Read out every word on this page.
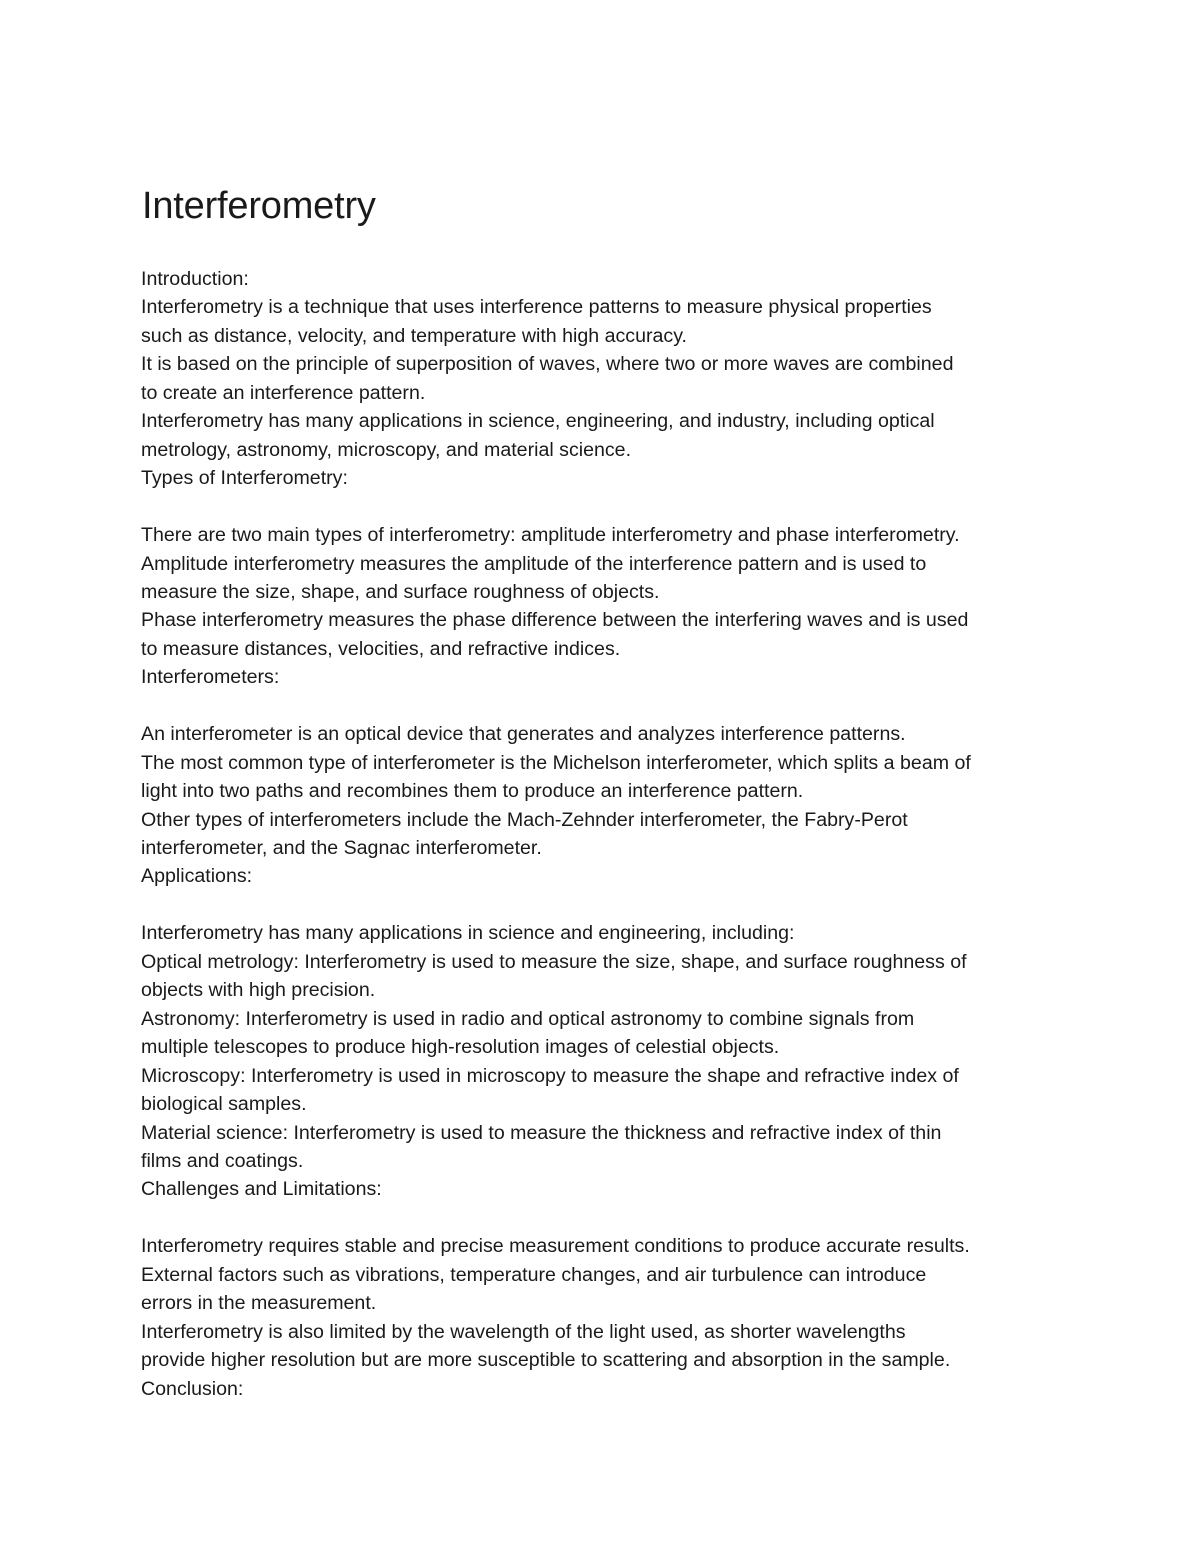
Interferometry

Introduction:

Interferometry is a technique that uses interference patterns to measure physical properties

such as distance, velocity, and temperature with high accuracy.

It is based on the principle of superposition of waves, where two or more waves are combined

to create an interference pattern.

Interferometry has many applications in science, engineering, and industry, including optical

metrology, astronomy, microscopy, and material science.

Types of Interferometry:

There are two main types of interferometry: amplitude interferometry and phase interferometry.

Amplitude interferometry measures the amplitude of the interference pattern and is used to

measure the size, shape, and surface roughness of objects.

Phase interferometry measures the phase difference between the interfering waves and is used

to measure distances, velocities, and refractive indices.

Interferometers:

An interferometer is an optical device that generates and analyzes interference patterns.

The most common type of interferometer is the Michelson interferometer, which splits a beam of

light into two paths and recombines them to produce an interference pattern.

Other types of interferometers include the Mach-Zehnder interferometer, the Fabry-Perot

interferometer, and the Sagnac interferometer.

Applications:

Interferometry has many applications in science and engineering, including:

Optical metrology: Interferometry is used to measure the size, shape, and surface roughness of

objects with high precision.

Astronomy: Interferometry is used in radio and optical astronomy to combine signals from

multiple telescopes to produce high-resolution images of celestial objects.

Microscopy: Interferometry is used in microscopy to measure the shape and refractive index of

biological samples.

Material science: Interferometry is used to measure the thickness and refractive index of thin

films and coatings.

Challenges and Limitations:

Interferometry requires stable and precise measurement conditions to produce accurate results.

External factors such as vibrations, temperature changes, and air turbulence can introduce

errors in the measurement.

Interferometry is also limited by the wavelength of the light used, as shorter wavelengths

provide higher resolution but are more susceptible to scattering and absorption in the sample.

Conclusion:
